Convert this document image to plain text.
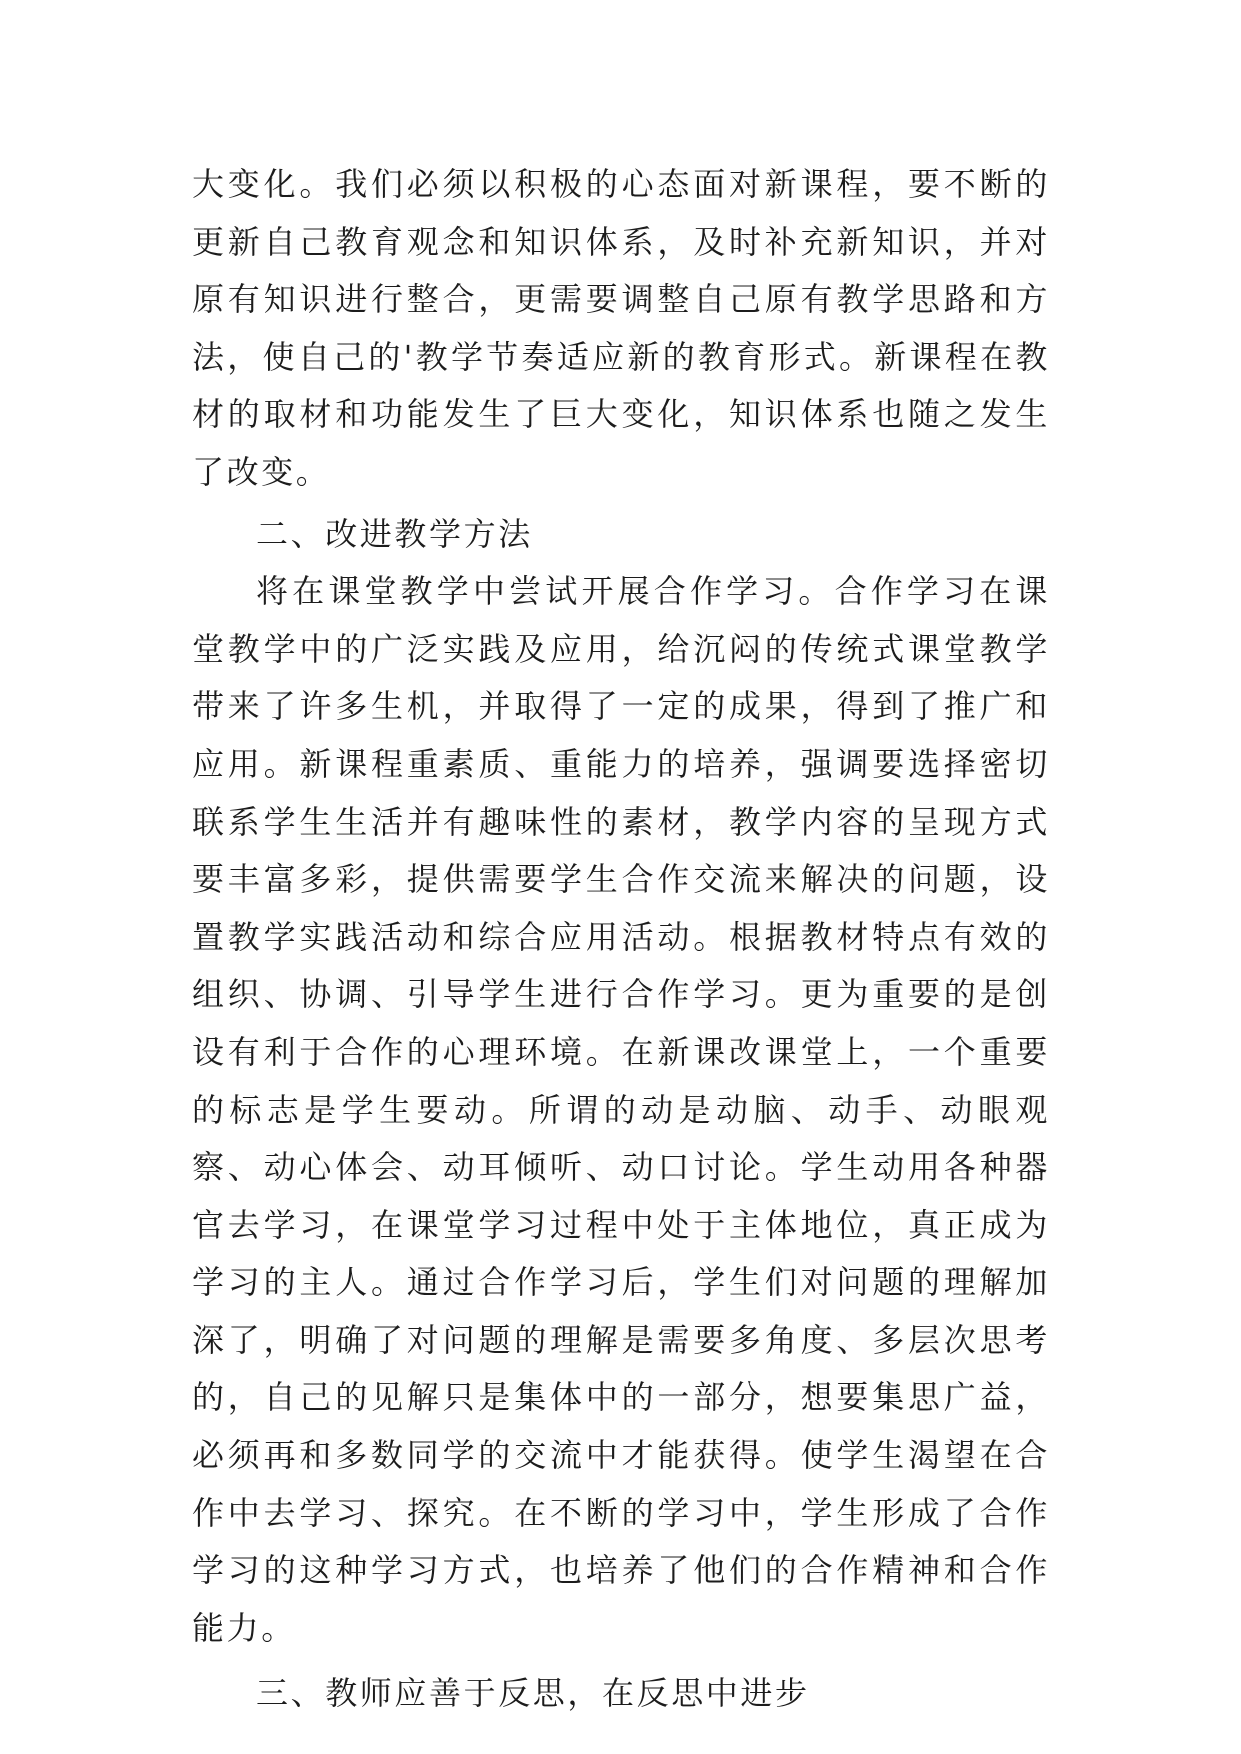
大变化。我们必须以积极的心态面对新课程，要不断的更新自己教育观念和知识体系，及时补充新知识，并对原有知识进行整合，更需要调整自己原有教学思路和方法，使自己的'教学节奏适应新的教育形式。新课程在教材的取材和功能发生了巨大变化，知识体系也随之发生了改变。

二、改进教学方法

将在课堂教学中尝试开展合作学习。合作学习在课堂教学中的广泛实践及应用，给沉闷的传统式课堂教学带来了许多生机，并取得了一定的成果，得到了推广和应用。新课程重素质、重能力的培养，强调要选择密切联系学生生活并有趣味性的素材，教学内容的呈现方式要丰富多彩，提供需要学生合作交流来解决的问题，设置教学实践活动和综合应用活动。根据教材特点有效的组织、协调、引导学生进行合作学习。更为重要的是创设有利于合作的心理环境。在新课改课堂上，一个重要的标志是学生要动。所谓的动是动脑、动手、动眼观察、动心体会、动耳倾听、动口讨论。学生动用各种器官去学习，在课堂学习过程中处于主体地位，真正成为学习的主人。通过合作学习后，学生们对问题的理解加深了，明确了对问题的理解是需要多角度、多层次思考的，自己的见解只是集体中的一部分，想要集思广益，必须再和多数同学的交流中才能获得。使学生渴望在合作中去学习、探究。在不断的学习中，学生形成了合作学习的这种学习方式，也培养了他们的合作精神和合作能力。

三、教师应善于反思，在反思中进步
